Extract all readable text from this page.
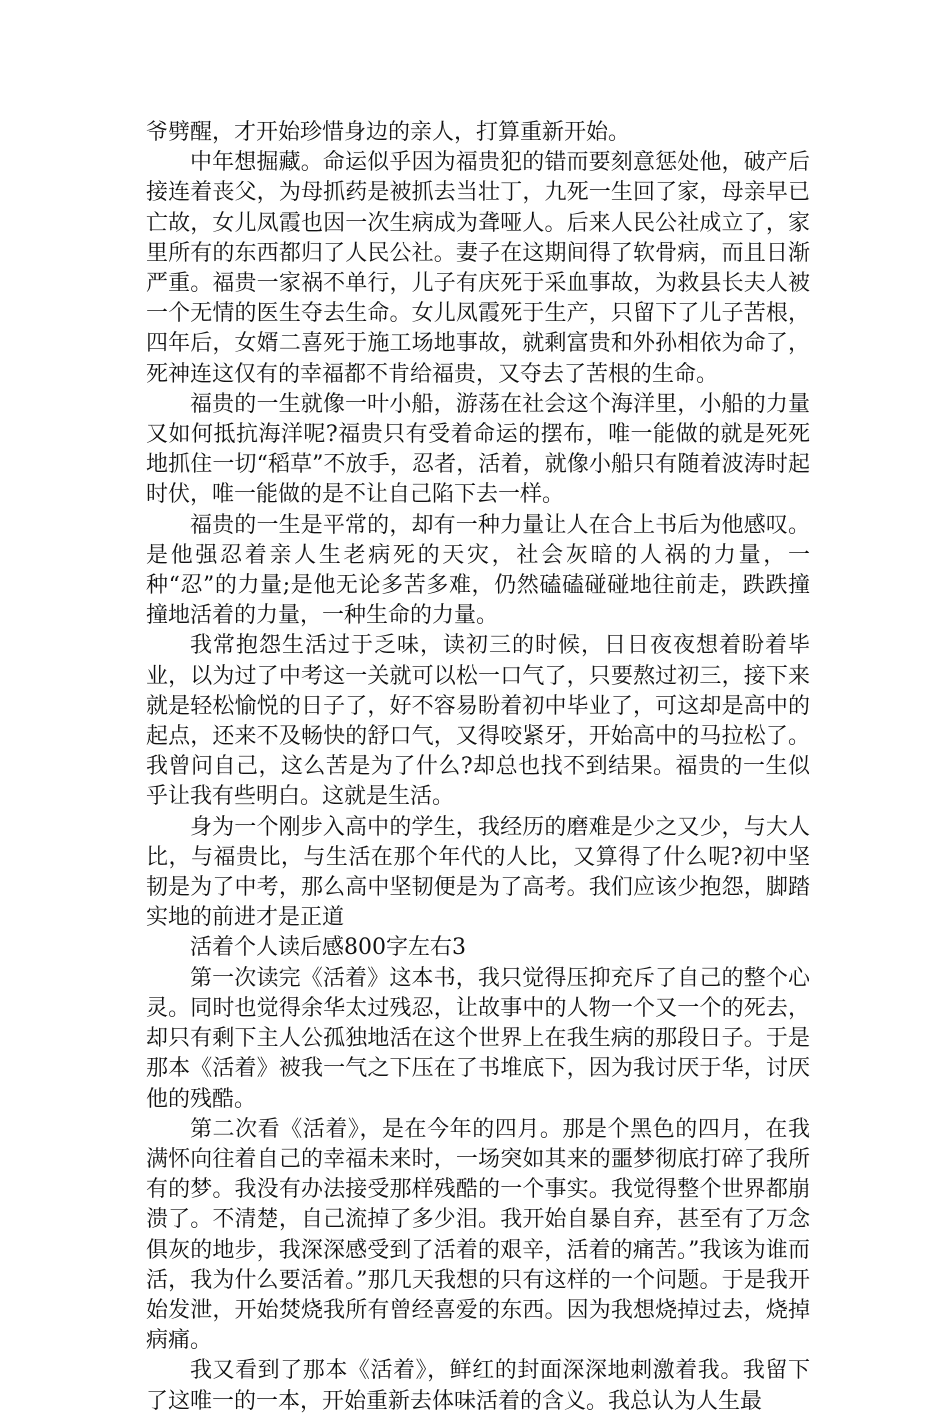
爷劈醒，才开始珍惜身边的亲人，打算重新开始。

中年想掘藏。命运似乎因为福贵犯的错而要刻意惩处他，破产后接连着丧父，为母抓药是被抓去当壮丁，九死一生回了家，母亲早已亡故，女儿凤霞也因一次生病成为聋哑人。后来人民公社成立了，家里所有的东西都归了人民公社。妻子在这期间得了软骨病，而且日渐严重。福贵一家祸不单行，儿子有庆死于采血事故，为救县长夫人被一个无情的医生夺去生命。女儿凤霞死于生产，只留下了儿子苦根，四年后，女婿二喜死于施工场地事故，就剩富贵和外孙相依为命了，死神连这仅有的幸福都不肯给福贵，又夺去了苦根的生命。

福贵的一生就像一叶小船，游荡在社会这个海洋里，小船的力量又如何抵抗海洋呢?福贵只有受着命运的摆布，唯一能做的就是死死地抓住一切“稻草”不放手，忍者，活着，就像小船只有随着波涛时起时伏，唯一能做的是不让自己陷下去一样。

福贵的一生是平常的，却有一种力量让人在合上书后为他感叹。是他强忍着亲人生老病死的天灾，社会灰暗的人祸的力量，一种“忍”的力量;是他无论多苦多难，仍然磕磕碰碰地往前走，跌跌撞撞地活着的力量，一种生命的力量。

我常抱怨生活过于乏味，读初三的时候，日日夜夜想着盼着毕业，以为过了中考这一关就可以松一口气了，只要熬过初三，接下来就是轻松愉悦的日子了，好不容易盼着初中毕业了，可这却是高中的起点，还来不及畅快的舒口气，又得咬紧牙，开始高中的马拉松了。我曾问自己，这么苦是为了什么?却总也找不到结果。福贵的一生似乎让我有些明白。这就是生活。

身为一个刚步入高中的学生，我经历的磨难是少之又少，与大人比，与福贵比，与生活在那个年代的人比，又算得了什么呢?初中坚韧是为了中考，那么高中坚韧便是为了高考。我们应该少抱怨，脚踏实地的前进才是正道

活着个人读后感800字左右3

第一次读完《活着》这本书，我只觉得压抑充斥了自己的整个心灵。同时也觉得余华太过残忍，让故事中的人物一个又一个的死去，却只有剩下主人公孤独地活在这个世界上在我生病的那段日子。于是那本《活着》被我一气之下压在了书堆底下，因为我讨厌于华，讨厌他的残酷。

第二次看《活着》，是在今年的四月。那是个黑色的四月，在我满怀向往着自己的幸福未来时，一场突如其来的噩梦彻底打碎了我所有的梦。我没有办法接受那样残酷的一个事实。我觉得整个世界都崩溃了。不清楚，自己流掉了多少泪。我开始自暴自弃，甚至有了万念俱灰的地步，我深深感受到了活着的艰辛，活着的痛苦。”我该为谁而活，我为什么要活着。”那几天我想的只有这样的一个问题。于是我开始发泄，开始焚烧我所有曾经喜爱的东西。因为我想烧掉过去，烧掉病痛。

我又看到了那本《活着》，鲜红的封面深深地刺激着我。我留下了这唯一的一本，开始重新去体味活着的含义。我总认为人生最
